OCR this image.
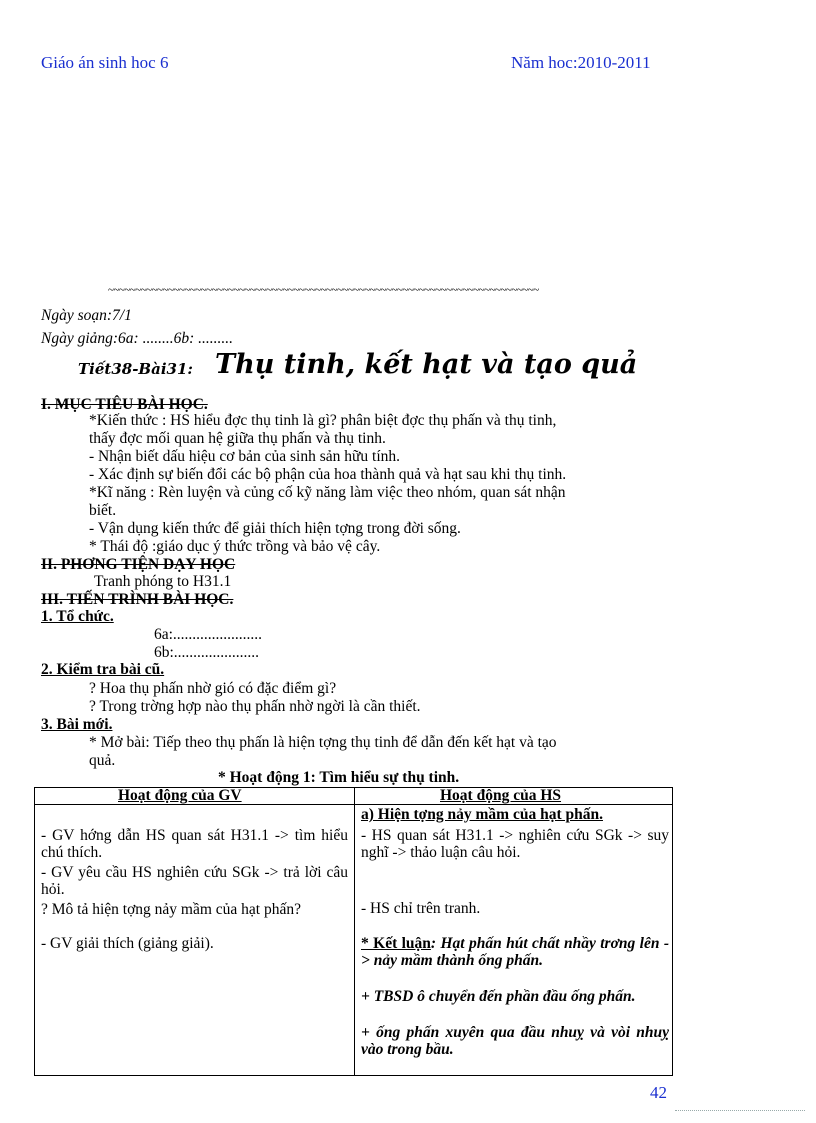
Giáo án sinh hoc 6	Năm hoc:2010-2011
~~~~~~~~~~~~~~~~~~~~~~~~~~~~~~~~~~~~~~~~~~~~~~~~~~~~~~~~~~~~~~~~~~~~~~~~~~~~~~~
Ngày soạn:7/1
Ngày giảng:6a: ........6b: .........
Tiết38-Bài31: Thụ tinh, kết hạt và tạo quả
I. MỤC TIÊU BÀI HỌC.
*Kiến thức : HS hiểu đợc thụ tinh là gì? phân biệt đợc thụ phấn và thụ tinh,
thấy đợc mối quan hệ giữa thụ phấn và thụ tinh.
- Nhận biết dấu hiệu cơ bản của sinh sản hữu tính.
- Xác định sự biến đổi các bộ phận của hoa thành quả và hạt sau khi thụ tinh.
*Kĩ năng : Rèn luyện và củng cố kỹ năng làm việc theo nhóm, quan sát nhận
biết.
- Vận dụng kiến thức để giải thích hiện tợng trong đời sống.
* Thái độ :giáo dục ý thức trồng và bảo vệ cây.
II. PHƠNG TIỆN DẠY HỌC
Tranh phóng to H31.1
III. TIẾN TRÌNH BÀI HỌC.
1. Tổ chức.
6a:.......................
6b:......................
2. Kiểm tra bài cũ.
? Hoa thụ phấn nhờ gió có đặc điểm gì?
? Trong trờng hợp nào thụ phấn nhờ ngời là cần thiết.
3. Bài mới.
* Mở bài: Tiếp theo thụ phấn là hiện tợng thụ tinh để dẫn đến kết hạt và tạo
quả.
* Hoạt động 1: Tìm hiểu sự thụ tinh.
Hoạt động của GV	Hoạt động của HS
a) Hiện tợng nảy mầm của hạt phấn.
- GV hớng dẫn HS quan sát H31.1 -> tìm hiểu chú thích.
- GV yêu cầu HS nghiên cứu SGk -> trả lời câu hỏi.
? Mô tả hiện tợng nảy mầm của hạt phấn?
- GV giải thích (giảng giải).
- HS quan sát H31.1 -> nghiên cứu SGk -> suy nghĩ -> thảo luận câu hỏi.
- HS chỉ trên tranh.
* Kết luận: Hạt phấn hút chất nhầy trơng lên -> nảy mầm thành ống phấn.
+ TBSD ô chuyển đến phần đầu ống phấn.
+ ống phấn xuyên qua đầu nhuỵ và vòi nhuỵ vào trong bầu.
42
